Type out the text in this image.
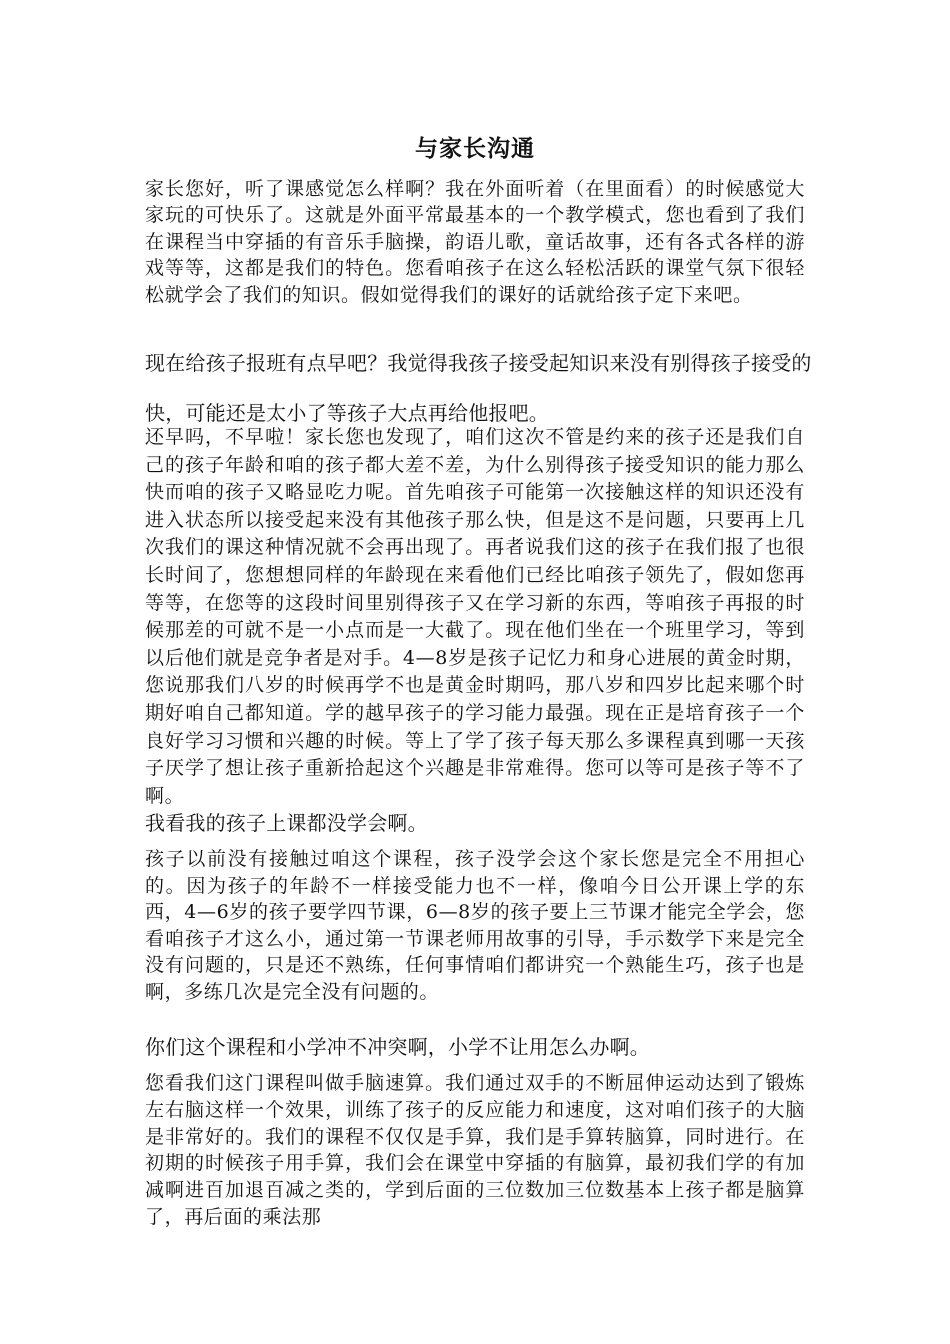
与家长沟通

家长您好，听了课感觉怎么样啊？我在外面听着（在里面看）的时候感觉大家玩的可快乐了。这就是外面平常最基本的一个教学模式，您也看到了我们在课程当中穿插的有音乐手脑操，韵语儿歌，童话故事，还有各式各样的游戏等等，这都是我们的特色。您看咱孩子在这么轻松活跃的课堂气氛下很轻松就学会了我们的知识。假如觉得我们的课好的话就给孩子定下来吧。

现在给孩子报班有点早吧？我觉得我孩子接受起知识来没有别得孩子接受的快，可能还是太小了等孩子大点再给他报吧。

还早吗，不早啦！家长您也发现了，咱们这次不管是约来的孩子还是我们自己的孩子年龄和咱的孩子都大差不差，为什么别得孩子接受知识的能力那么快而咱的孩子又略显吃力呢。首先咱孩子可能第一次接触这样的知识还没有进入状态所以接受起来没有其他孩子那么快，但是这不是问题，只要再上几次我们的课这种情况就不会再出现了。再者说我们这的孩子在我们报了也很长时间了，您想想同样的年龄现在来看他们已经比咱孩子领先了，假如您再等等，在您等的这段时间里别得孩子又在学习新的东西，等咱孩子再报的时候那差的可就不是一小点而是一大截了。现在他们坐在一个班里学习，等到以后他们就是竞争者是对手。4—8岁是孩子记忆力和身心进展的黄金时期，您说那我们八岁的时候再学不也是黄金时期吗，那八岁和四岁比起来哪个时期好咱自己都知道。学的越早孩子的学习能力最强。现在正是培育孩子一个良好学习习惯和兴趣的时候。等上了学了孩子每天那么多课程真到哪一天孩子厌学了想让孩子重新拾起这个兴趣是非常难得。您可以等可是孩子等不了啊。

我看我的孩子上课都没学会啊。

孩子以前没有接触过咱这个课程，孩子没学会这个家长您是完全不用担心的。因为孩子的年龄不一样接受能力也不一样，像咱今日公开课上学的东西，4—6岁的孩子要学四节课，6—8岁的孩子要上三节课才能完全学会，您看咱孩子才这么小，通过第一节课老师用故事的引导，手示数学下来是完全没有问题的，只是还不熟练，任何事情咱们都讲究一个熟能生巧，孩子也是啊，多练几次是完全没有问题的。

你们这个课程和小学冲不冲突啊，小学不让用怎么办啊。

您看我们这门课程叫做手脑速算。我们通过双手的不断屈伸运动达到了锻炼左右脑这样一个效果，训练了孩子的反应能力和速度，这对咱们孩子的大脑是非常好的。我们的课程不仅仅是手算，我们是手算转脑算，同时进行。在初期的时候孩子用手算，我们会在课堂中穿插的有脑算，最初我们学的有加减啊进百加退百减之类的，学到后面的三位数加三位数基本上孩子都是脑算了，再后面的乘法那
